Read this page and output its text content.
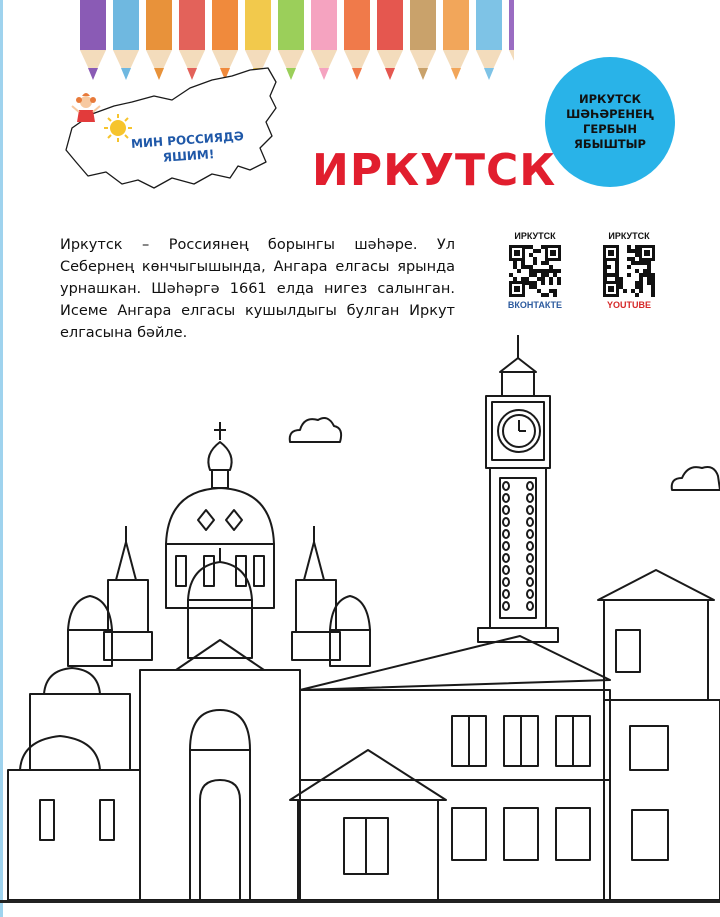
МИН РОССИЯДӘ
ЯШИМ!	ИРКУТСК
ИРКУТСК
ШӘҺӘРЕНЕҢ
ГЕРБЫН
ЯБЫШТЫР

Иркутск – Россиянең борынгы шәһәре. Ул Себернең көнчыгышында, Ангара елгасы ярында урнашкан. Шәһәргә 1661 елда нигез салынган. Исеме Ангара елгасы кушылдыгы булган Иркут елгасына бәйле.

ИРКУТСК
ВКОНТАКТЕ
ИРКУТСК
YOUTUBE
